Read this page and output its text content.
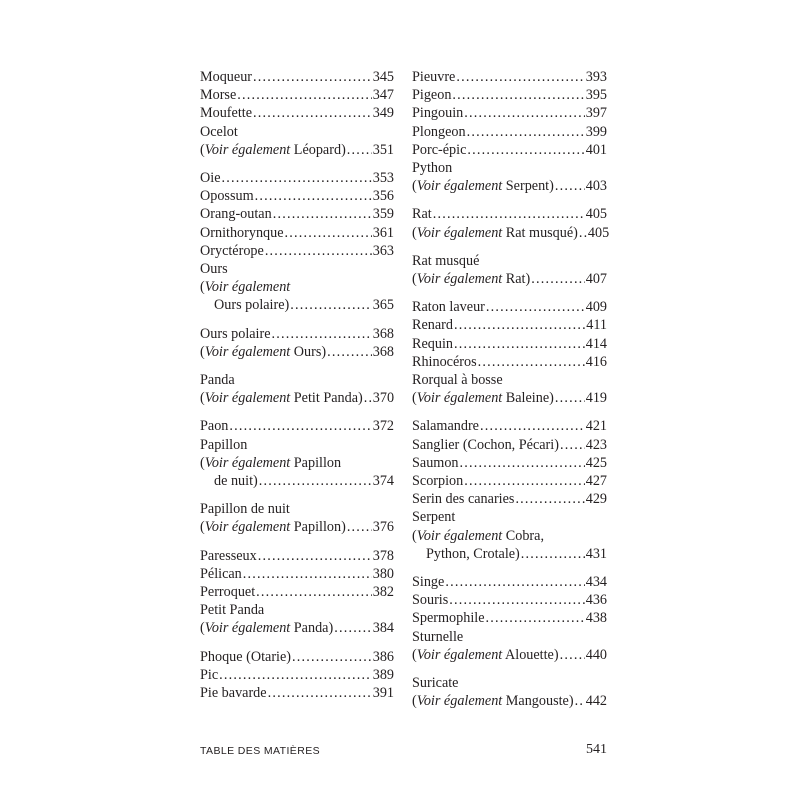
Moqueur .....	345
Morse .....	347
Moufette .....	349
Ocelot
(Voir également Léopard) ..... 351
Oie .....	353
Opossum .....	356
Orang-outan .....	359
Ornithorynque .....	361
Oryctérope .....	363
Ours
(Voir également
Ours polaire) .....	365
Ours polaire .....	368
(Voir également Ours) .....	368
Panda
(Voir également Petit Panda) ..... 370
Paon .....	372
Papillon
(Voir également Papillon
de nuit) .....	374
Papillon de nuit
(Voir également Papillon) ..... 376
Paresseux .....	378
Pélican .....	380
Perroquet .....	382
Petit Panda
(Voir également Panda) .....	384
Phoque (Otarie) .....	386
Pic .....	389
Pie bavarde .....	391
Pieuvre .....	393
Pigeon .....	395
Pingouin .....	397
Plongeon .....	399
Porc-épic .....	401
Python
(Voir également Serpent) ..... 403
Rat .....	405
(Voir également Rat musqué) ..... 405
Rat musqué
(Voir également Rat) .....	407
Raton laveur .....	409
Renard .....	411
Requin .....	414
Rhinocéros .....	416
Rorqual à bosse
(Voir également Baleine) ..... 419
Salamandre .....	421
Sanglier (Cochon, Pécari) ..... 423
Saumon .....	425
Scorpion .....	427
Serin des canaries .....	429
Serpent
(Voir également Cobra,
Python, Crotale) .....	431
Singe .....	434
Souris .....	436
Spermophile .....	438
Sturnelle
(Voir également Alouette) ..... 440
Suricate
(Voir également Mangouste) ..... 442
TABLE DES MATIÈRES	541
